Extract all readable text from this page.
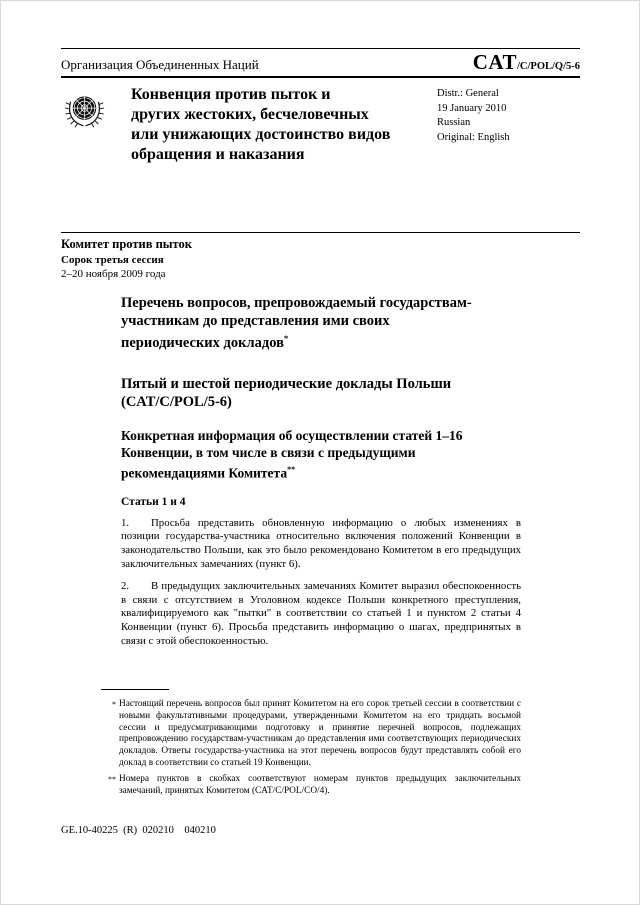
Организация Объединенных Наций	CAT/C/POL/Q/5-6
Конвенция против пыток и
других жестоких, бесчеловечных
или унижающих достоинство видов
обращения и наказания
Distr.: General
19 January 2010
Russian
Original: English
Комитет против пыток
Сорок третья сессия
2–20 ноября 2009 года
Перечень вопросов, препровождаемый государствам-
участникам до представления ими своих
периодических докладов*
Пятый и шестой периодические доклады Польши
(CAT/C/POL/5-6)
Конкретная информация об осуществлении статей 1–16
Конвенции, в том числе в связи с предыдущими
рекомендациями Комитета**
Статьи 1 и 4

1. Просьба представить обновленную информацию о любых изменениях в позиции государства-участника относительно включения положений Конвенции в законодательство Польши, как это было рекомендовано Комитетом в его предыдущих заключительных замечаниях (пункт 6).

2. В предыдущих заключительных замечаниях Комитет выразил обеспокоенность в связи с отсутствием в Уголовном кодексе Польши конкретного преступления, квалифицируемого как "пытки" в соответствии со статьей 1 и пунктом 2 статьи 4 Конвенции (пункт 6). Просьба представить информацию о шагах, предпринятых в связи с этой обеспокоенностью.

* Настоящий перечень вопросов был принят Комитетом на его сорок третьей сессии в соответствии с новыми факультативными процедурами, утвержденными Комитетом на его тридцать восьмой сессии и предусматривающими подготовку и принятие перечней вопросов, подлежащих препровождению государствам-участникам до представления ими соответствующих периодических докладов. Ответы государства-участника на этот перечень вопросов будут представлять собой его доклад в соответствии со статьей 19 Конвенции.
** Номера пунктов в скобках соответствуют номерам пунктов предыдущих заключительных замечаний, принятых Комитетом (CAT/C/POL/CO/4).
GE.10-40225  (R)  020210    040210
